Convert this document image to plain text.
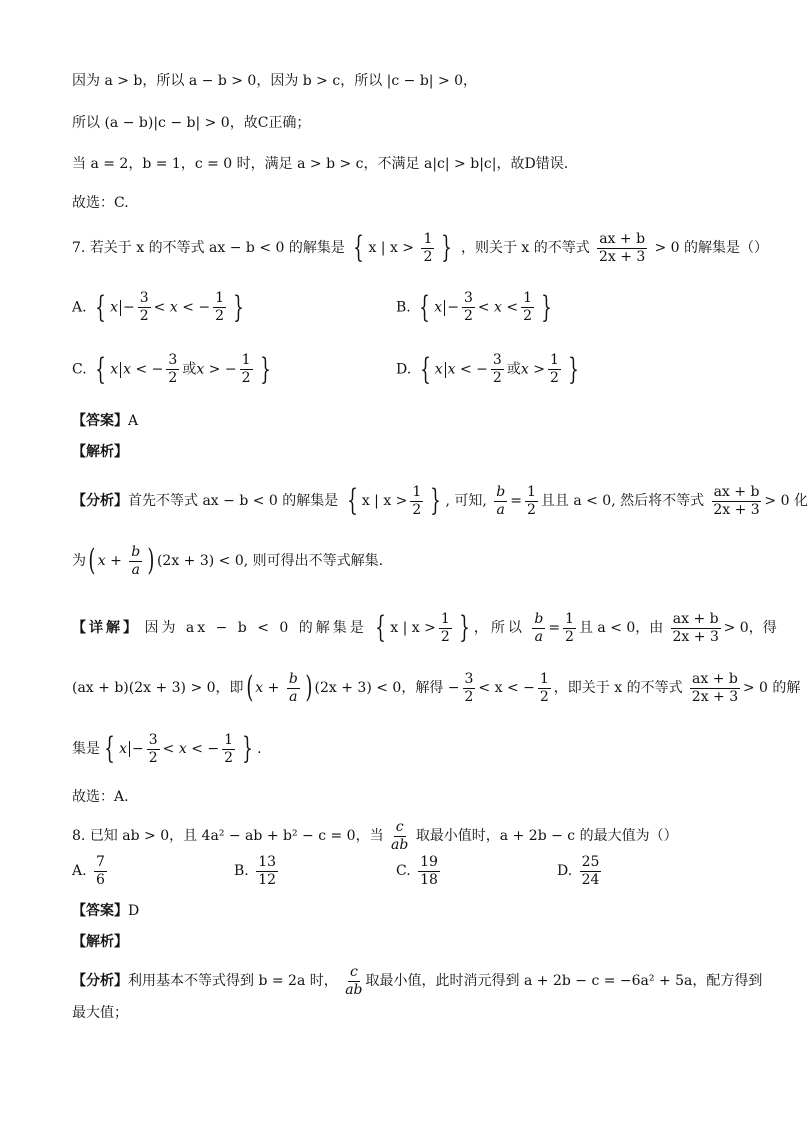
因为 a > b，所以 a − b > 0，因为 b > c，所以 |c − b| > 0，
所以 (a − b)|c − b| > 0，故C正确；
当 a = 2，b = 1，c = 0 时，满足 a > b > c，不满足 a|c| > b|c|，故D错误.
故选：C.
7. 若关于 x 的不等式 ax − b < 0 的解集是 { x | $x > \frac{1}{2}$ } ，则关于 x 的不等式 $\frac{ax + b}{2x + 3} > 0$ 的解集是（）
A. { $x - \frac{3}{2} < x$ < − $\frac{1}{2}$ }	B. { $x - \frac{3}{2} < x < \frac{1}{2}$ }
C. { x x < − $\frac{3}{2}$ 或x > − $\frac{1}{2}$ }	D. { x x < − $\frac{3}{2}$ 或$x > \frac{1}{2}$ }
【答案】A
【解析】
【分析】首先不等式 ax − b < 0 的解集是 { x | $x > \frac{1}{2}$ } , 可知, $\frac{b}{a} = \frac{1}{2}$ 且且 a < 0, 然后将不等式 $\frac{ax + b}{2x + 3} > 0$ 化
为( $x + \frac{b}{a}$ ) (2x + 3) < 0, 则可得出不等式解集.
【详解】 因为 ax − b < 0 的解集是 { x | $x > \frac{1}{2}$ } ，所以 $\frac{b}{a} = \frac{1}{2}$ 且 a < 0，由 $\frac{ax + b}{2x + 3} > 0$，得
(ax + b)(2x + 3) > 0，即( $x + \frac{b}{a}$ ) (2x + 3) < 0，解得 − $\frac{3}{2} < x$ < − $\frac{1}{2}$ ，即关于 x 的不等式 $\frac{ax + b}{2x + 3} > 0$ 的解
集是 { $x - \frac{3}{2} < x$ < − $\frac{1}{2}$ } .
故选：A.
8. 已知 ab > 0，且 4a² − ab + b² − c = 0，当 $\frac{c}{ab}$ 取最小值时，a + 2b − c 的最大值为（）
A. $\frac{7}{6}$	B. $\frac{13}{12}$	C. $\frac{19}{18}$	D. $\frac{25}{24}$
【答案】D
【解析】
【分析】利用基本不等式得到 b = 2a 时， $\frac{c}{ab}$ 取最小值，此时消元得到 a + 2b − c = −6a² + 5a，配方得到
最大值；
